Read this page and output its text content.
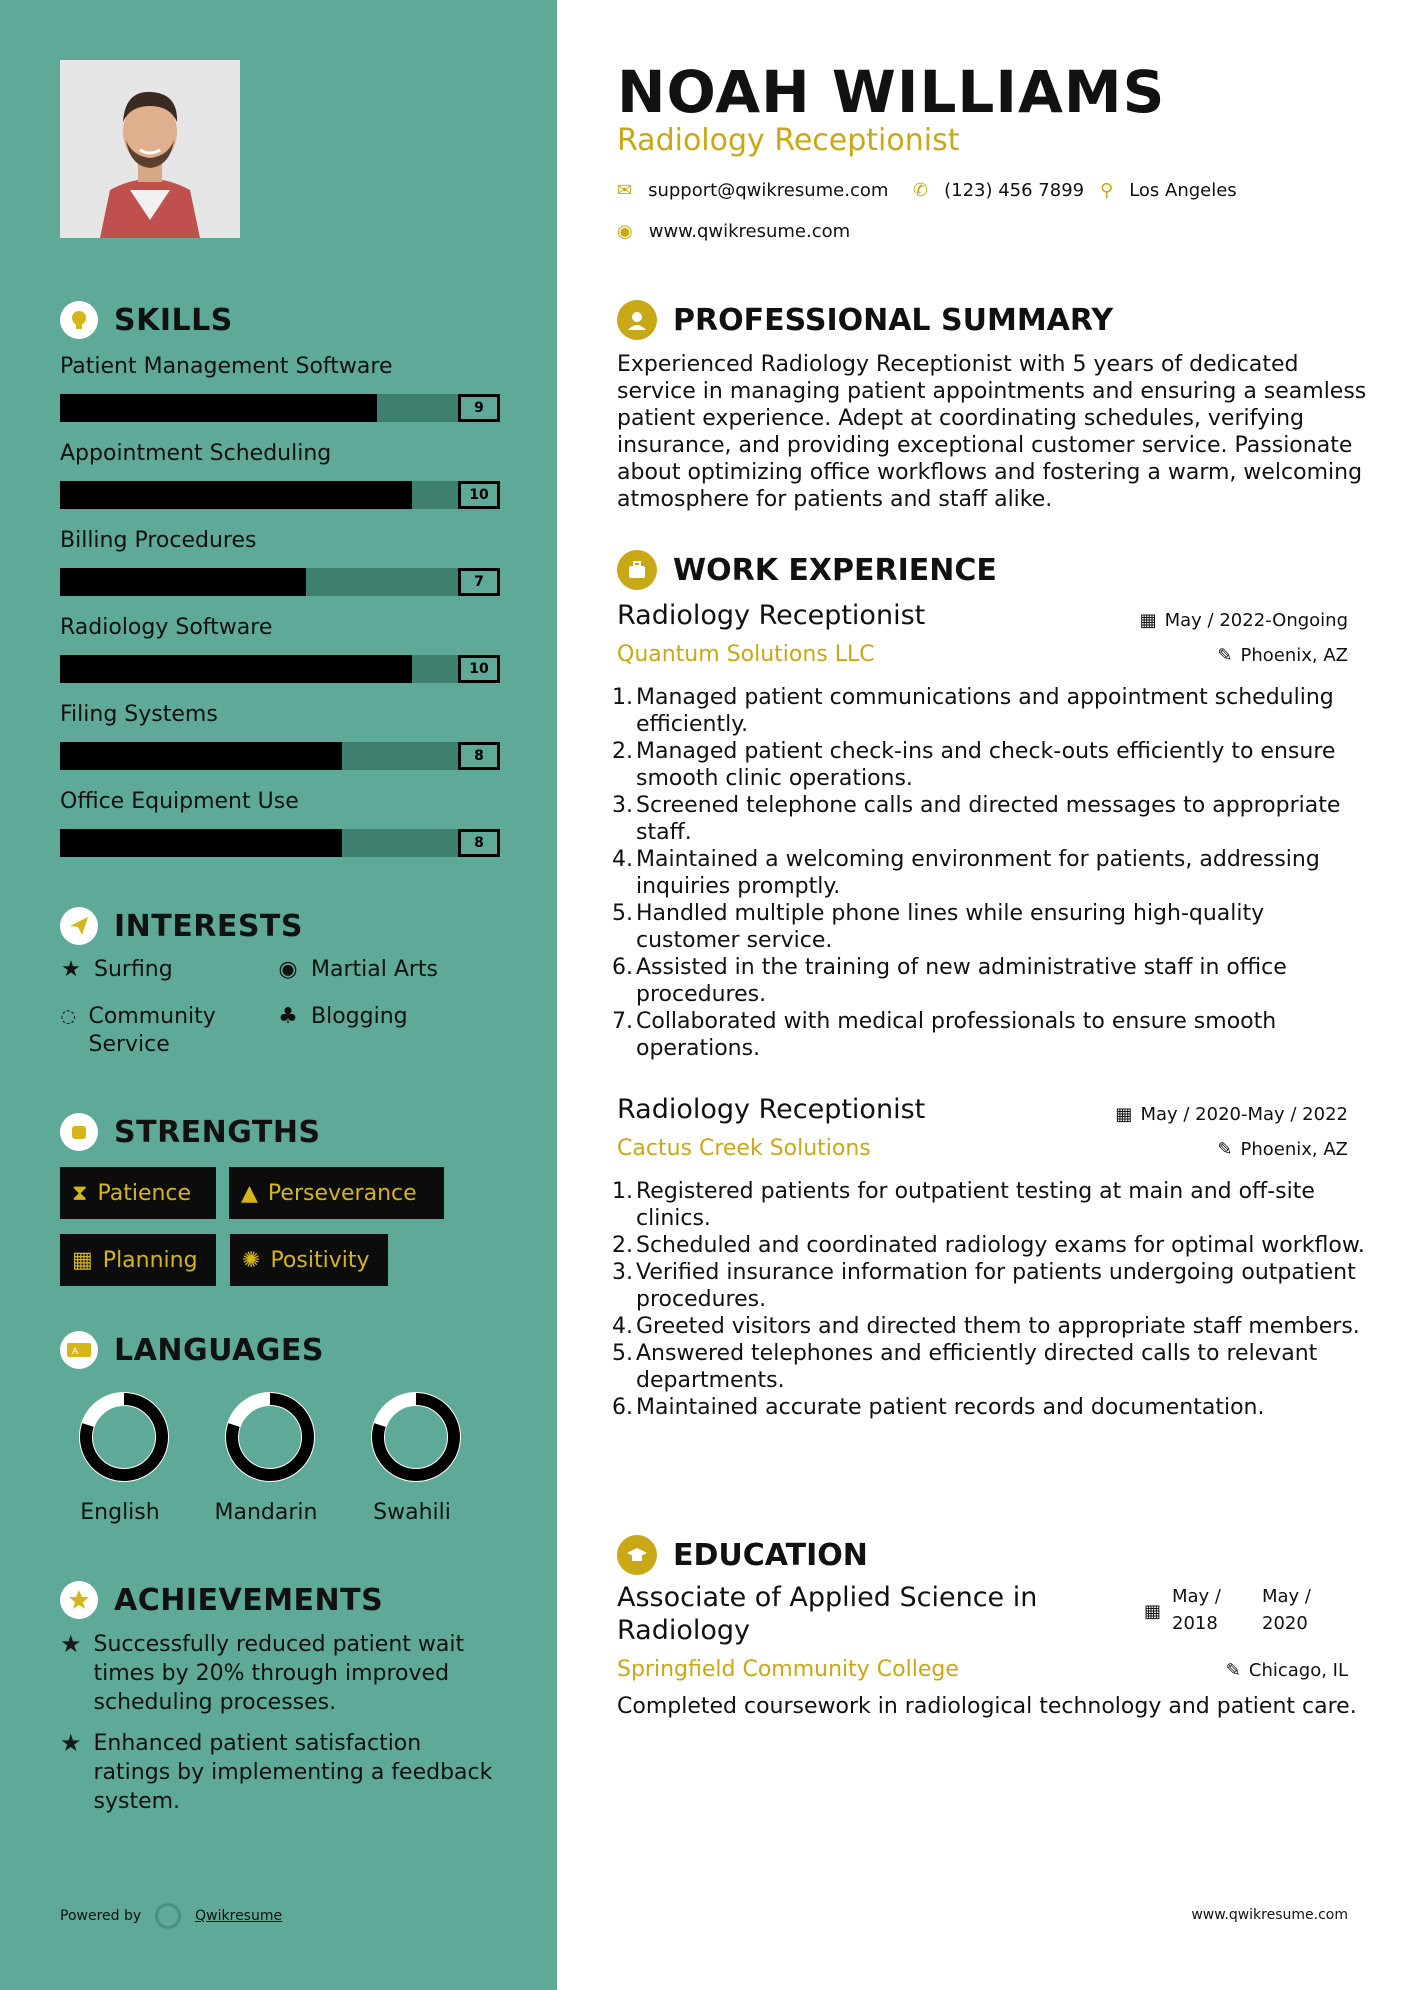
SKILLS
Patient Management Software
9
Appointment Scheduling
10
Billing Procedures
7
Radiology Software
10
Filing Systems
8
Office Equipment Use
8
INTERESTS
★ Surfing	◉ Martial Arts
◌ Community Service
♣ Blogging
STRENGTHS
⧗ Patience ▲ Perseverance
▦ Planning ✺ Positivity
A LANGUAGES
English	Mandarin	Swahili
ACHIEVEMENTS
★ Successfully reduced patient wait times by 20% through improved scheduling processes.
★ Enhanced patient satisfaction ratings by implementing a feedback system.
Powered by	Qwikresume
NOAH WILLIAMS
Radiology Receptionist
✉ support@qwikresume.com ✆ (123) 456 7899 ⚲ Los Angeles
◉ www.qwikresume.com
PROFESSIONAL SUMMARY
Experienced Radiology Receptionist with 5 years of dedicated service in managing patient appointments and ensuring a seamless patient experience. Adept at coordinating schedules, verifying insurance, and providing exceptional customer service. Passionate about optimizing office workflows and fostering a warm, welcoming atmosphere for patients and staff alike.
WORK EXPERIENCE
Radiology Receptionist	▦ May / 2022-Ongoing
Quantum Solutions LLC	✎ Phoenix, AZ
1. Managed patient communications and appointment scheduling efficiently.
2. Managed patient check-ins and check-outs efficiently to ensure smooth clinic operations.
3. Screened telephone calls and directed messages to appropriate staff.
4. Maintained a welcoming environment for patients, addressing inquiries promptly.
5. Handled multiple phone lines while ensuring high-quality customer service.
6. Assisted in the training of new administrative staff in office procedures.
7. Collaborated with medical professionals to ensure smooth operations.
Radiology Receptionist	▦ May / 2020-May / 2022
Cactus Creek Solutions	✎ Phoenix, AZ
1. Registered patients for outpatient testing at main and off-site clinics.
2. Scheduled and coordinated radiology exams for optimal workflow.
3. Verified insurance information for patients undergoing outpatient procedures.
4. Greeted visitors and directed them to appropriate staff members.
5. Answered telephones and efficiently directed calls to relevant departments.
6. Maintained accurate patient records and documentation.
EDUCATION
Associate of Applied Science in Radiology
▦
May /
2018
May /
2020
Springfield Community College	✎ Chicago, IL
Completed coursework in radiological technology and patient care.
www.qwikresume.com
